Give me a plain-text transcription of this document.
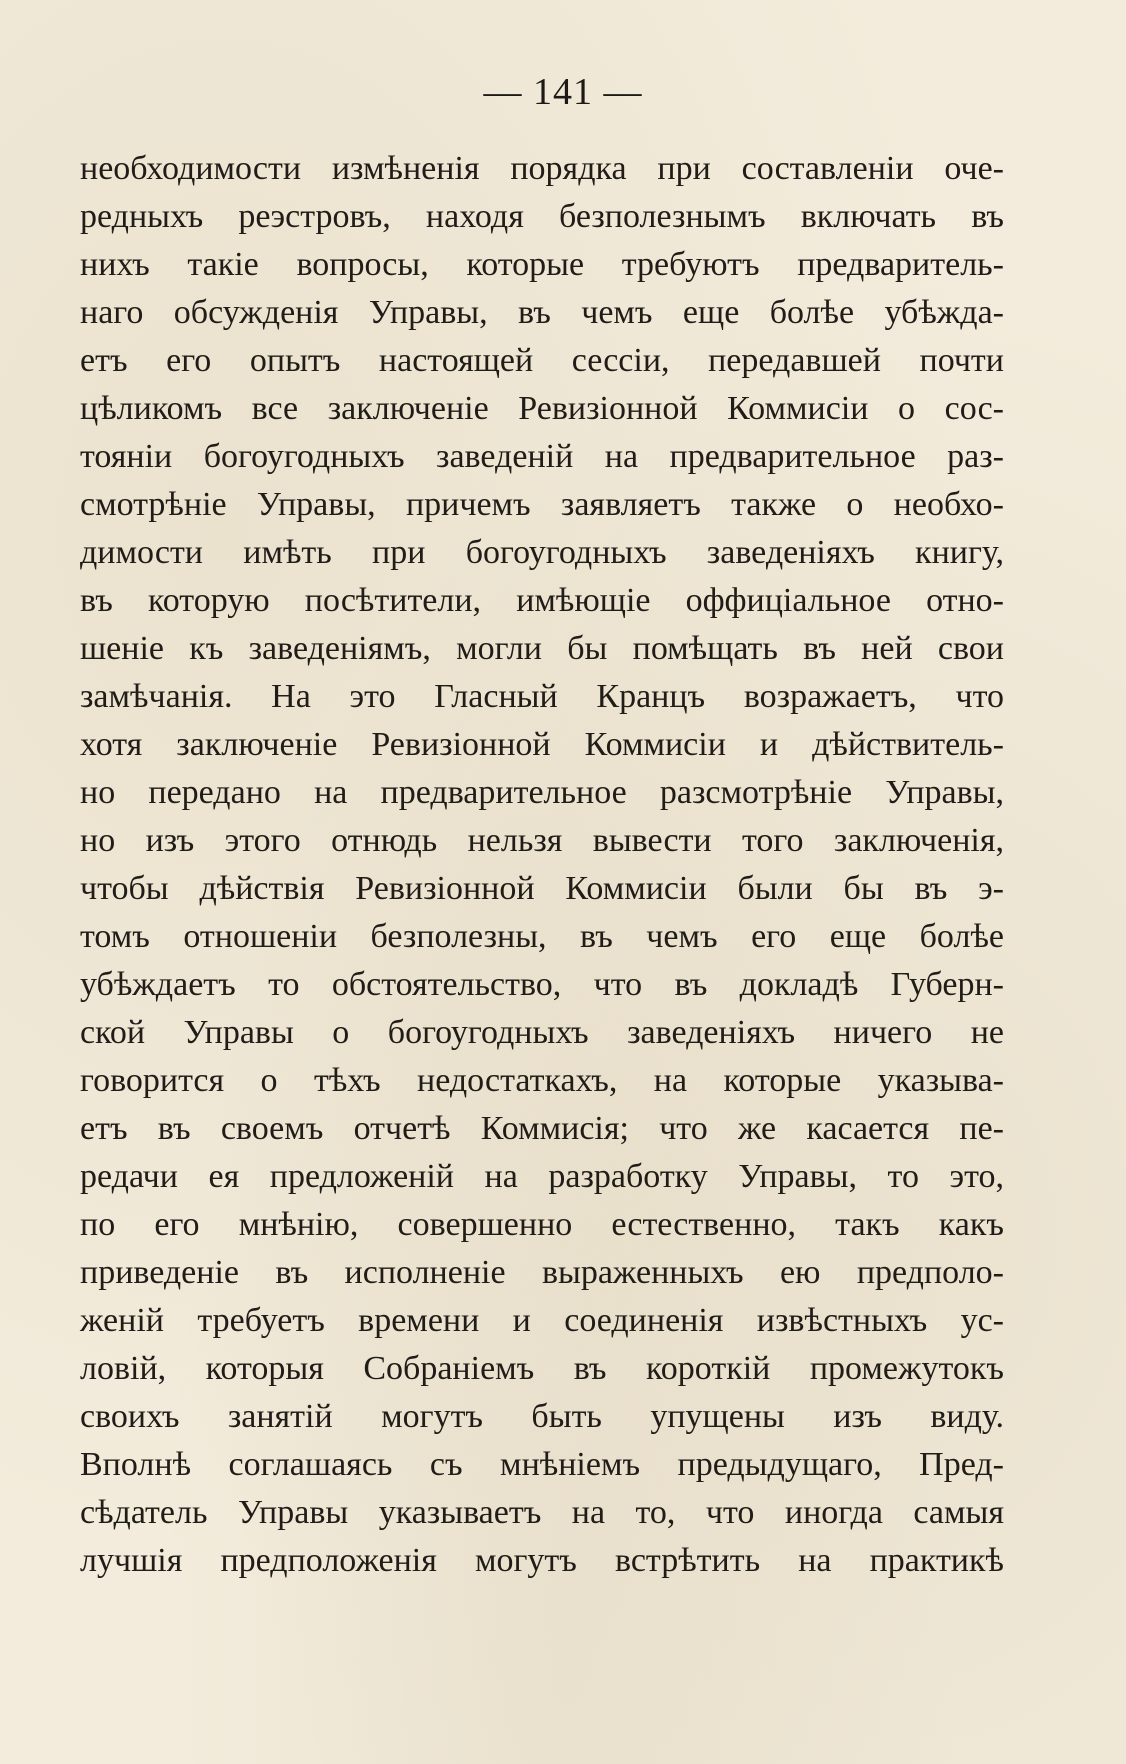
— 141 —
необходимости измѣненія порядка при составленіи оче-
редныхъ реэстровъ, находя безполезнымъ включать въ
нихъ такіе вопросы, которые требуютъ предваритель-
наго обсужденія Управы, въ чемъ еще болѣе убѣжда-
етъ его опытъ настоящей сессіи, передавшей почти
цѣликомъ все заключеніе Ревизіонной Коммисіи о сос-
тояніи богоугодныхъ заведеній на предварительное раз-
смотрѣніе Управы, причемъ заявляетъ также о необхо-
димости имѣть при богоугодныхъ заведеніяхъ книгу,
въ которую посѣтители, имѣющіе оффиціальное отно-
шеніе къ заведеніямъ, могли бы помѣщать въ ней свои
замѣчанія. На это Гласный Кранцъ возражаетъ, что
хотя заключеніе Ревизіонной Коммисіи и дѣйствитель-
но передано на предварительное разсмотрѣніе Управы,
но изъ этого отнюдь нельзя вывести того заключенія,
чтобы дѣйствія Ревизіонной Коммисіи были бы въ э-
томъ отношеніи безполезны, въ чемъ его еще болѣе
убѣждаетъ то обстоятельство, что въ докладѣ Губерн-
ской Управы о богоугодныхъ заведеніяхъ ничего не
говорится о тѣхъ недостаткахъ, на которые указыва-
етъ въ своемъ отчетѣ Коммисія; что же касается пе-
редачи ея предложеній на разработку Управы, то это,
по его мнѣнію, совершенно естественно, такъ какъ
приведеніе въ исполненіе выраженныхъ ею предполо-
женій требуетъ времени и соединенія извѣстныхъ ус-
ловій, которыя Собраніемъ въ короткій промежутокъ
своихъ занятій могутъ быть упущены изъ виду.
Вполнѣ соглашаясь съ мнѣніемъ предыдущаго, Пред-
сѣдатель Управы указываетъ на то, что иногда самыя
лучшія предположенія могутъ встрѣтить на практикѣ
